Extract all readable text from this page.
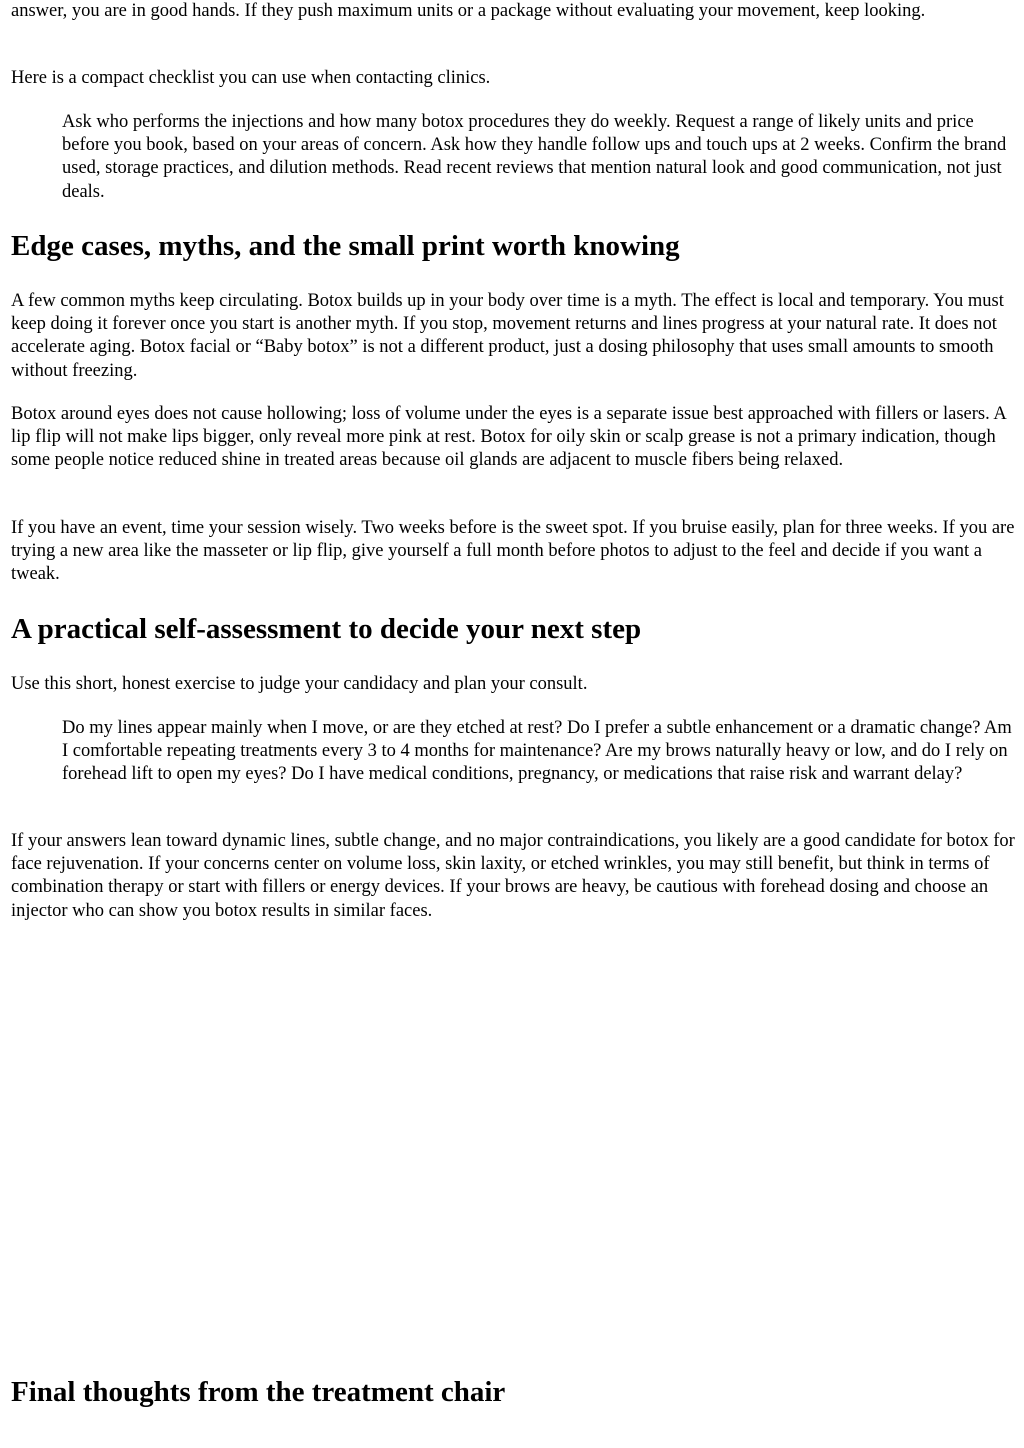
answer, you are in good hands. If they push maximum units or a package without evaluating your movement, keep looking.

Here is a compact checklist you can use when contacting clinics.

Ask who performs the injections and how many botox procedures they do weekly. Request a range of likely units and price before you book, based on your areas of concern. Ask how they handle follow ups and touch ups at 2 weeks. Confirm the brand used, storage practices, and dilution methods. Read recent reviews that mention natural look and good communication, not just deals.

Edge cases, myths, and the small print worth knowing

A few common myths keep circulating. Botox builds up in your body over time is a myth. The effect is local and temporary. You must keep doing it forever once you start is another myth. If you stop, movement returns and lines progress at your natural rate. It does not accelerate aging. Botox facial or “Baby botox” is not a different product, just a dosing philosophy that uses small amounts to smooth without freezing.

Botox around eyes does not cause hollowing; loss of volume under the eyes is a separate issue best approached with fillers or lasers. A lip flip will not make lips bigger, only reveal more pink at rest. Botox for oily skin or scalp grease is not a primary indication, though some people notice reduced shine in treated areas because oil glands are adjacent to muscle fibers being relaxed.

If you have an event, time your session wisely. Two weeks before is the sweet spot. If you bruise easily, plan for three weeks. If you are trying a new area like the masseter or lip flip, give yourself a full month before photos to adjust to the feel and decide if you want a tweak.

A practical self-assessment to decide your next step

Use this short, honest exercise to judge your candidacy and plan your consult.

Do my lines appear mainly when I move, or are they etched at rest? Do I prefer a subtle enhancement or a dramatic change? Am I comfortable repeating treatments every 3 to 4 months for maintenance? Are my brows naturally heavy or low, and do I rely on forehead lift to open my eyes? Do I have medical conditions, pregnancy, or medications that raise risk and warrant delay?

If your answers lean toward dynamic lines, subtle change, and no major contraindications, you likely are a good candidate for botox for face rejuvenation. If your concerns center on volume loss, skin laxity, or etched wrinkles, you may still benefit, but think in terms of combination therapy or start with fillers or energy devices. If your brows are heavy, be cautious with forehead dosing and choose an injector who can show you botox results in similar faces.

Final thoughts from the treatment chair
